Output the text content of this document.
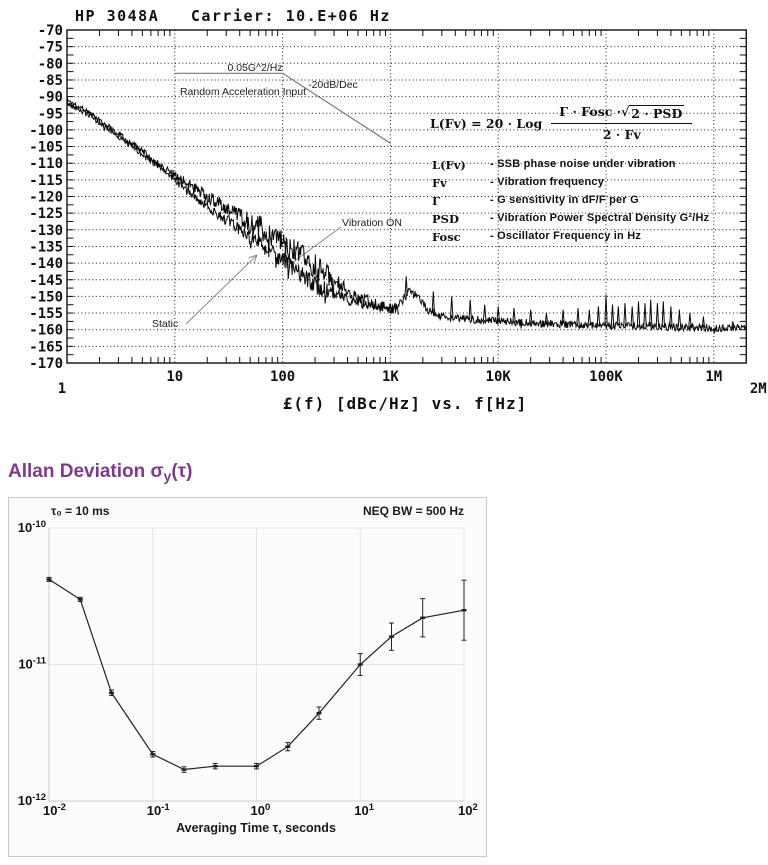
-70
-75
-80
-85
-90
-95
-100
-105
-110
-115
-120
-125
-130
-135
-140
-145
-150
-155
-160
-165
-170
1
10	100	1K	10K	100K	1M
2M
0.05G^2/Hz
Random Acceleration Input
-20dB/Dec
Vibration ON
Static
HP 3048A   Carrier: 10.E+06 Hz
£(f) [dBc/Hz] vs. f[Hz]
L(Fv) = 20 · Log $\frac{\text{Γ · Fosc · √ 2 · PSD}}{2 \cdot Fv}$
L(Fv)	- SSB phase noise under vibration
Fv	- Vibration frequency
Γ	- G sensitivity in dF/F per G
PSD	- Vibration Power Spectral Density G²/Hz
Fosc	- Oscillator Frequency in Hz
Allan Deviation $\sigma_y(\tau)$
$10^{-10}$
$10^{-11}$
$10^{-12}$
$10^{-2}$	$10^{-1}$	$10^0$	$10^1$	$10^2$
τ₀ = 10 ms	NEQ BW = 500 Hz
Averaging Time τ, seconds
